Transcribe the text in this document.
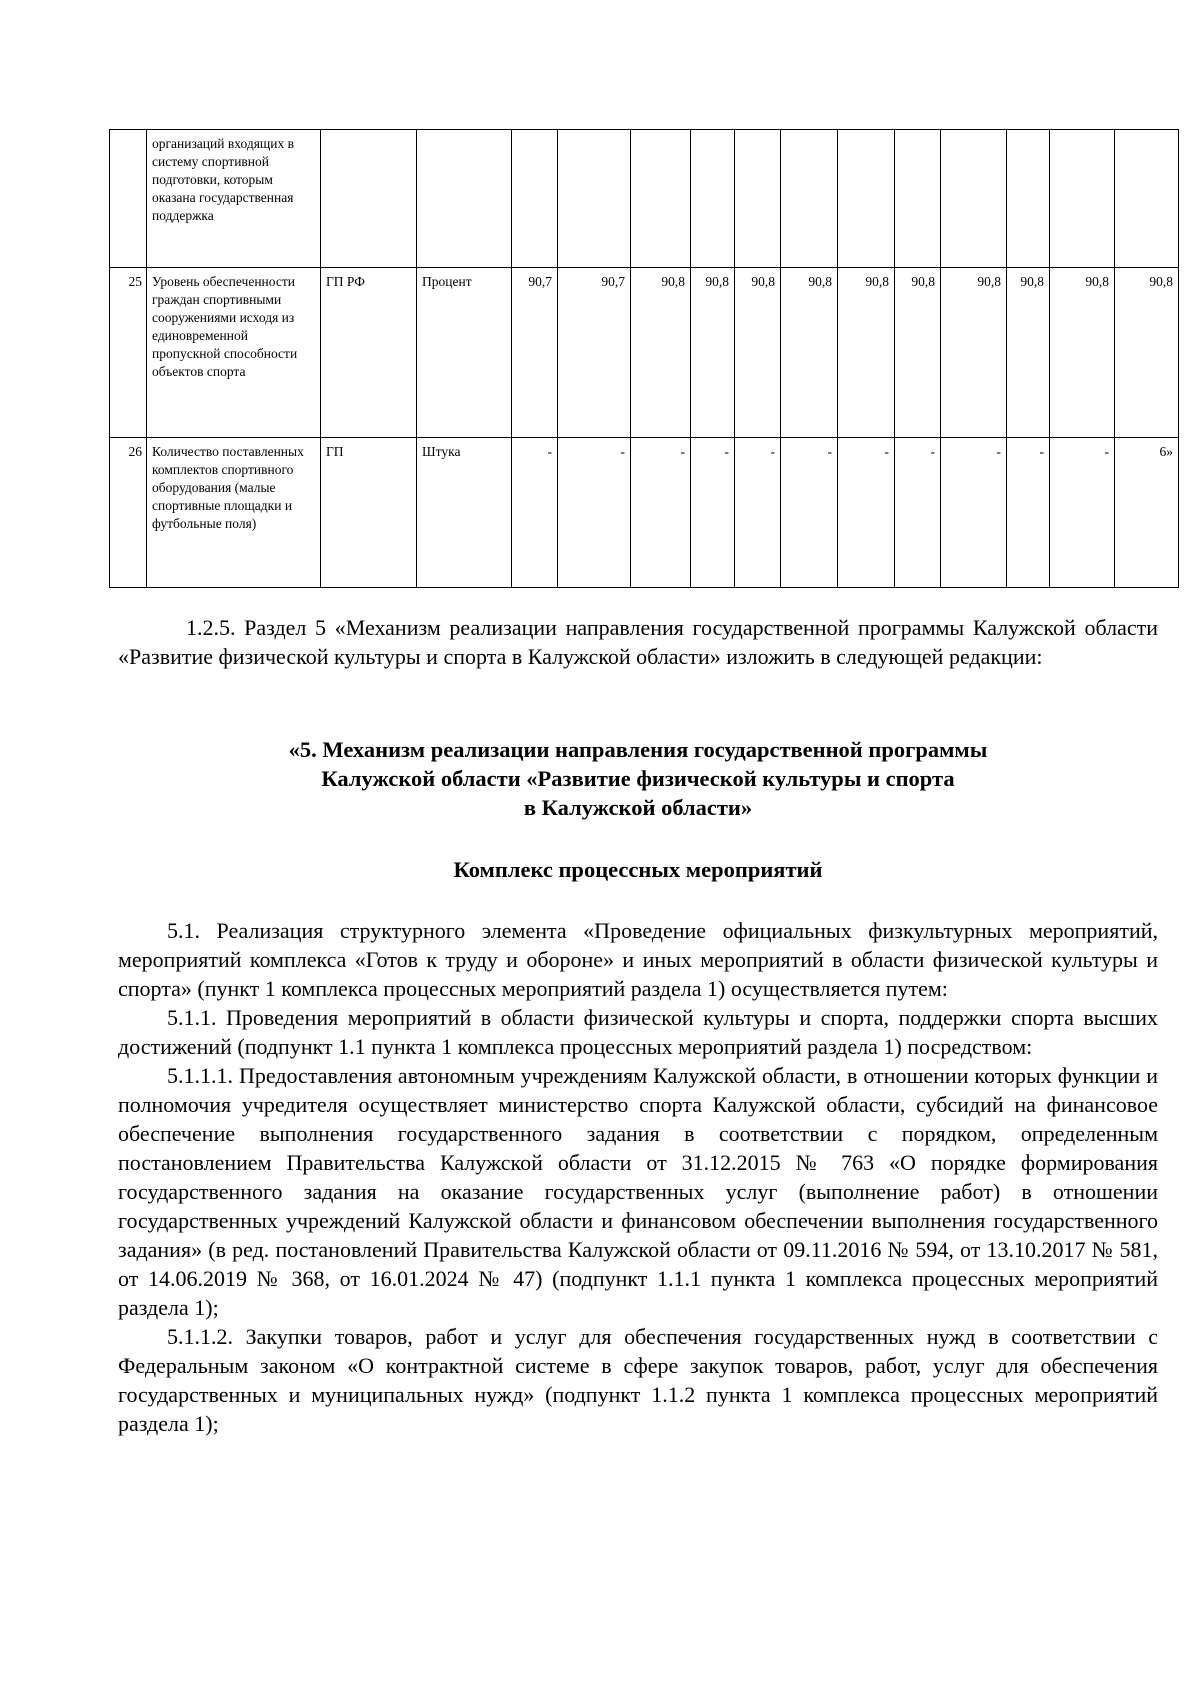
	организаций входящих в систему спортивной подготовки, которым оказана государственная поддержка														
25	Уровень обеспеченности граждан спортивными сооружениями исходя из единовременной пропускной способности объектов спорта	ГП РФ	Процент	90,7	90,7	90,8	90,8	90,8	90,8	90,8	90,8	90,8	90,8	90,8	90,8
26	Количество поставленных комплектов спортивного оборудования (малые спортивные площадки и футбольные поля)	ГП	Штука	-	-	-	-	-	-	-	-	-	-	-	6»

1.2.5. Раздел 5 «Механизм реализации направления государственной программы Калужской области «Развитие физической культуры и спорта в Калужской области» изложить в следующей редакции:

«5. Механизм реализации направления государственной программы
Калужской области «Развитие физической культуры и спорта
в Калужской области»
Комплекс процессных мероприятий

5.1. Реализация структурного элемента «Проведение официальных физкультурных мероприятий, мероприятий комплекса «Готов к труду и обороне» и иных мероприятий в области физической культуры и спорта» (пункт 1 комплекса процессных мероприятий раздела 1) осуществляется путем:

5.1.1. Проведения мероприятий в области физической культуры и спорта, поддержки спорта высших достижений (подпункт 1.1 пункта 1 комплекса процессных мероприятий раздела 1) посредством:

5.1.1.1. Предоставления автономным учреждениям Калужской области, в отношении которых функции и полномочия учредителя осуществляет министерство спорта Калужской области, субсидий на финансовое обеспечение выполнения государственного задания в соответствии с порядком, определенным постановлением Правительства Калужской области от 31.12.2015 № 763 «О порядке формирования государственного задания на оказание государственных услуг (выполнение работ) в отношении государственных учреждений Калужской области и финансовом обеспечении выполнения государственного задания» (в ред. постановлений Правительства Калужской области от 09.11.2016 № 594, от 13.10.2017 № 581, от 14.06.2019 № 368, от 16.01.2024 № 47) (подпункт 1.1.1 пункта 1 комплекса процессных мероприятий раздела 1);

5.1.1.2. Закупки товаров, работ и услуг для обеспечения государственных нужд в соответствии с Федеральным законом «О контрактной системе в сфере закупок товаров, работ, услуг для обеспечения государственных и муниципальных нужд» (подпункт 1.1.2 пункта 1 комплекса процессных мероприятий раздела 1);
